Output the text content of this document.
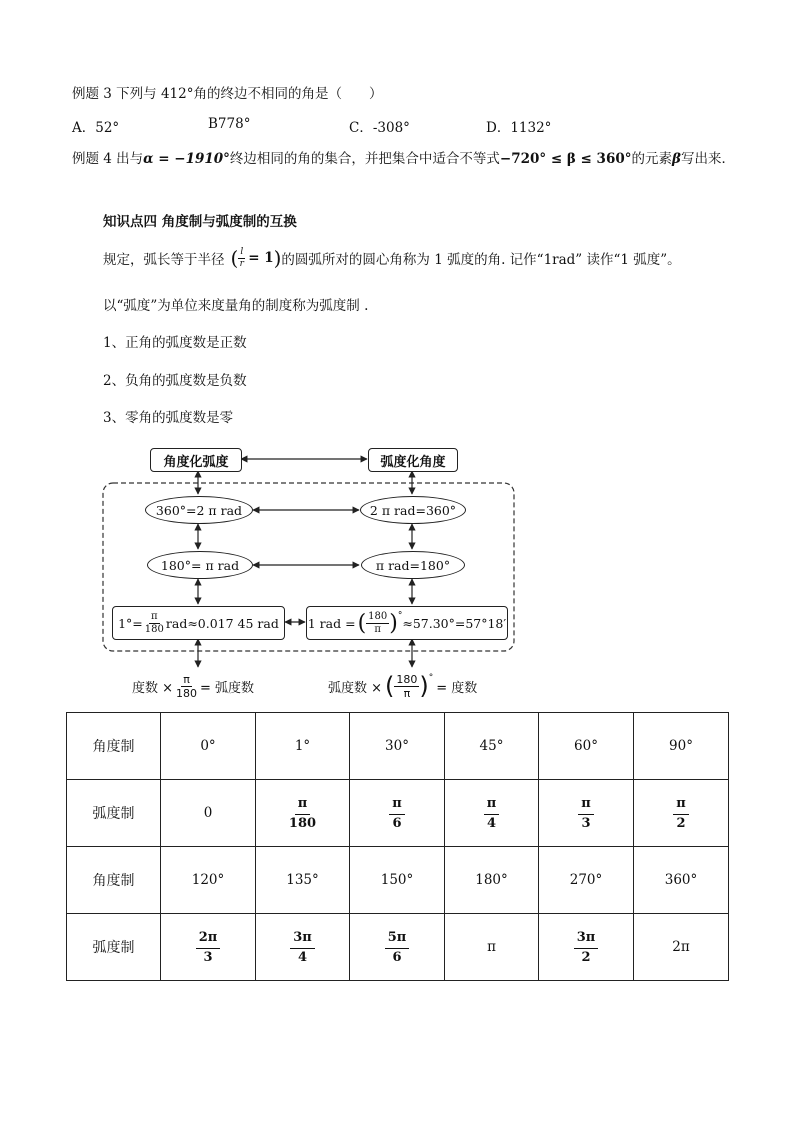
例题 3 下列与 412°角的终边不相同的角是（　　）
A．52°	B778°	C．-308°	D．1132°
例题 4 出与α = −1910°终边相同的角的集合，并把集合中适合不等式−720° ≤ β ≤ 360°的元素β写出来．
知识点四 角度制与弧度制的互换
规定，弧长等于半径 ( $\frac{l}{r} = 1$ ) 的圆弧所对的圆心角称为 1 弧度的角. 记作“1rad” 读作“1 弧度”。
以“弧度”为单位来度量角的制度称为弧度制 .
1、正角的弧度数是正数
2、负角的弧度数是负数
3、零角的弧度数是零
角度化弧度	弧度化角度
360°=2 π rad	2 π rad=360°
180°= π rad	π rad=180°
$1^\circ= \frac{\pi}{180} rad\approx 0.017$ 45 rad 1 rad = ( $\frac{180}{\pi} )^\circ \approx 57.30^\circ=57^\circ 18'$
度数 × $\frac{\pi}{180}$ = 弧度数	弧度数 × ( $\frac{180}{\pi} )^\circ$
= 度数
角度制	0°	1°	30°	45°	60°	90°
弧度制	0	$\frac{\pi}{180}$	$\frac{\pi}{6}$	$\frac{\pi}{4}$	$\frac{\pi}{3}$	$\frac{\pi}{2}$

角度制	120°	135°	150°	180°	270°	360°
弧度制	$\frac{2\pi}{3}$	$\frac{3\pi}{4}$	$\frac{5\pi}{6}$	π	$\frac{3\pi}{2}$	2π
